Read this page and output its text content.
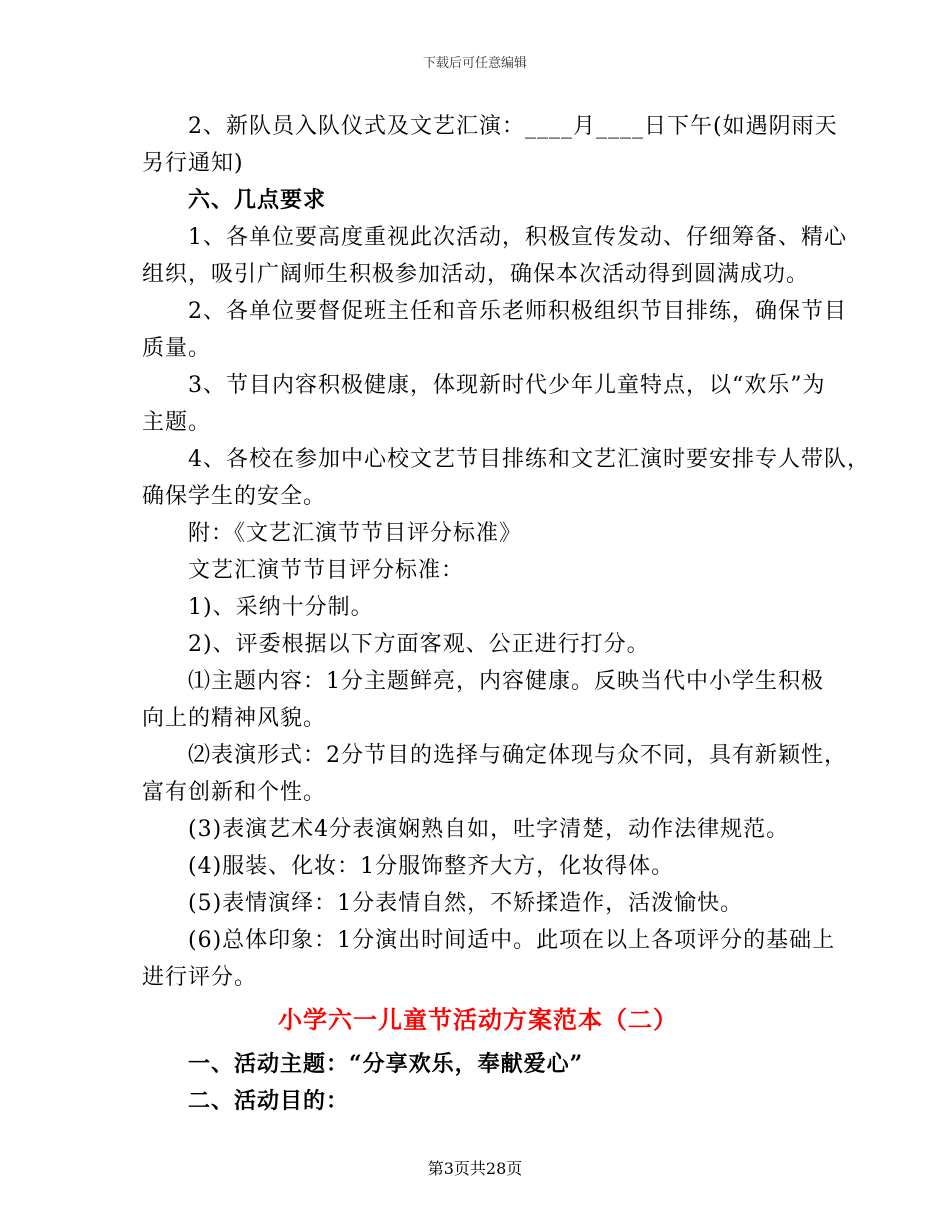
下载后可任意编辑
2、新队员入队仪式及文艺汇演：____月____日下午(如遇阴雨天
另行通知)
六、几点要求
1、各单位要高度重视此次活动，积极宣传发动、仔细筹备、精心
组织，吸引广阔师生积极参加活动，确保本次活动得到圆满成功。
2、各单位要督促班主任和音乐老师积极组织节目排练，确保节目
质量。
3、节目内容积极健康，体现新时代少年儿童特点，以“欢乐”为
主题。
4、各校在参加中心校文艺节目排练和文艺汇演时要安排专人带队，
确保学生的安全。
附：《文艺汇演节节目评分标准》
文艺汇演节节目评分标准：
1)、采纳十分制。
2)、评委根据以下方面客观、公正进行打分。
⑴主题内容：1分主题鲜亮，内容健康。反映当代中小学生积极
向上的精神风貌。
⑵表演形式：2分节目的选择与确定体现与众不同，具有新颖性，
富有创新和个性。
(3)表演艺术4分表演娴熟自如，吐字清楚，动作法律规范。
(4)服装、化妆：1分服饰整齐大方，化妆得体。
(5)表情演绎：1分表情自然，不矫揉造作，活泼愉快。
(6)总体印象：1分演出时间适中。此项在以上各项评分的基础上
进行评分。
小学六一儿童节活动方案范本（二）
一、活动主题：“分享欢乐，奉献爱心”
二、活动目的：
第3页共28页
